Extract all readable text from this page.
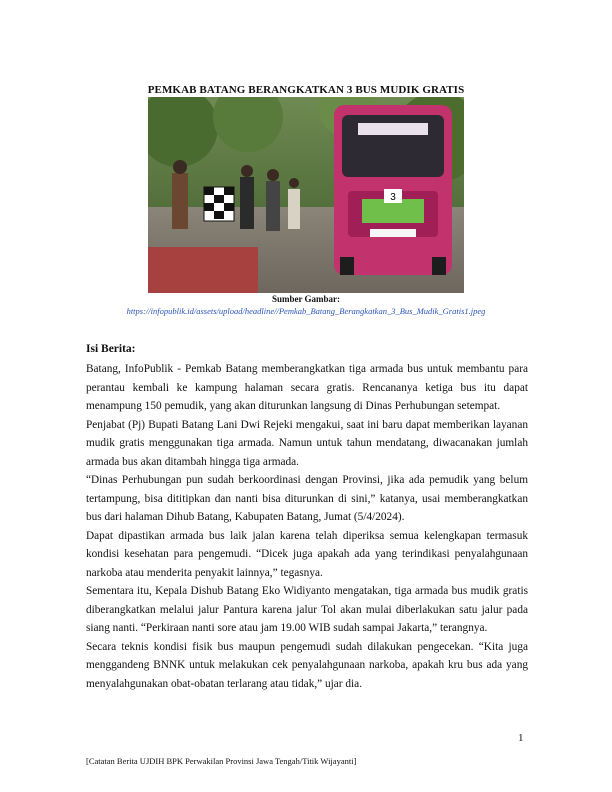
PEMKAB BATANG BERANGKATKAN 3 BUS MUDIK GRATIS
3
Sumber Gambar:
https://infopublik.id/assets/upload/headline//Pemkab_Batang_Berangkatkan_3_Bus_Mudik_Gratis1.jpeg
Isi Berita:

Batang, InfoPublik - Pemkab Batang memberangkatkan tiga armada bus untuk membantu para perantau kembali ke kampung halaman secara gratis. Rencananya ketiga bus itu dapat menampung 150 pemudik, yang akan diturunkan langsung di Dinas Perhubungan setempat.

Penjabat (Pj) Bupati Batang Lani Dwi Rejeki mengakui, saat ini baru dapat memberikan layanan mudik gratis menggunakan tiga armada. Namun untuk tahun mendatang, diwacanakan jumlah armada bus akan ditambah hingga tiga armada.

“Dinas Perhubungan pun sudah berkoordinasi dengan Provinsi, jika ada pemudik yang belum tertampung, bisa dititipkan dan nanti bisa diturunkan di sini,” katanya, usai memberangkatkan bus dari halaman Dihub Batang, Kabupaten Batang, Jumat (5/4/2024).

Dapat dipastikan armada bus laik jalan karena telah diperiksa semua kelengkapan termasuk kondisi kesehatan para pengemudi. “Dicek juga apakah ada yang terindikasi penyalahgunaan narkoba atau menderita penyakit lainnya,” tegasnya.

Sementara itu, Kepala Dishub Batang Eko Widiyanto mengatakan, tiga armada bus mudik gratis diberangkatkan melalui jalur Pantura karena jalur Tol akan mulai diberlakukan satu jalur pada siang nanti. “Perkiraan nanti sore atau jam 19.00 WIB sudah sampai Jakarta,” terangnya.

Secara teknis kondisi fisik bus maupun pengemudi sudah dilakukan pengecekan. “Kita juga menggandeng BNNK untuk melakukan cek penyalahgunaan narkoba, apakah kru bus ada yang menyalahgunakan obat-obatan terlarang atau tidak,” ujar dia.

1
[Catatan Berita UJDIH BPK Perwakilan Provinsi Jawa Tengah/Titik Wijayanti]
